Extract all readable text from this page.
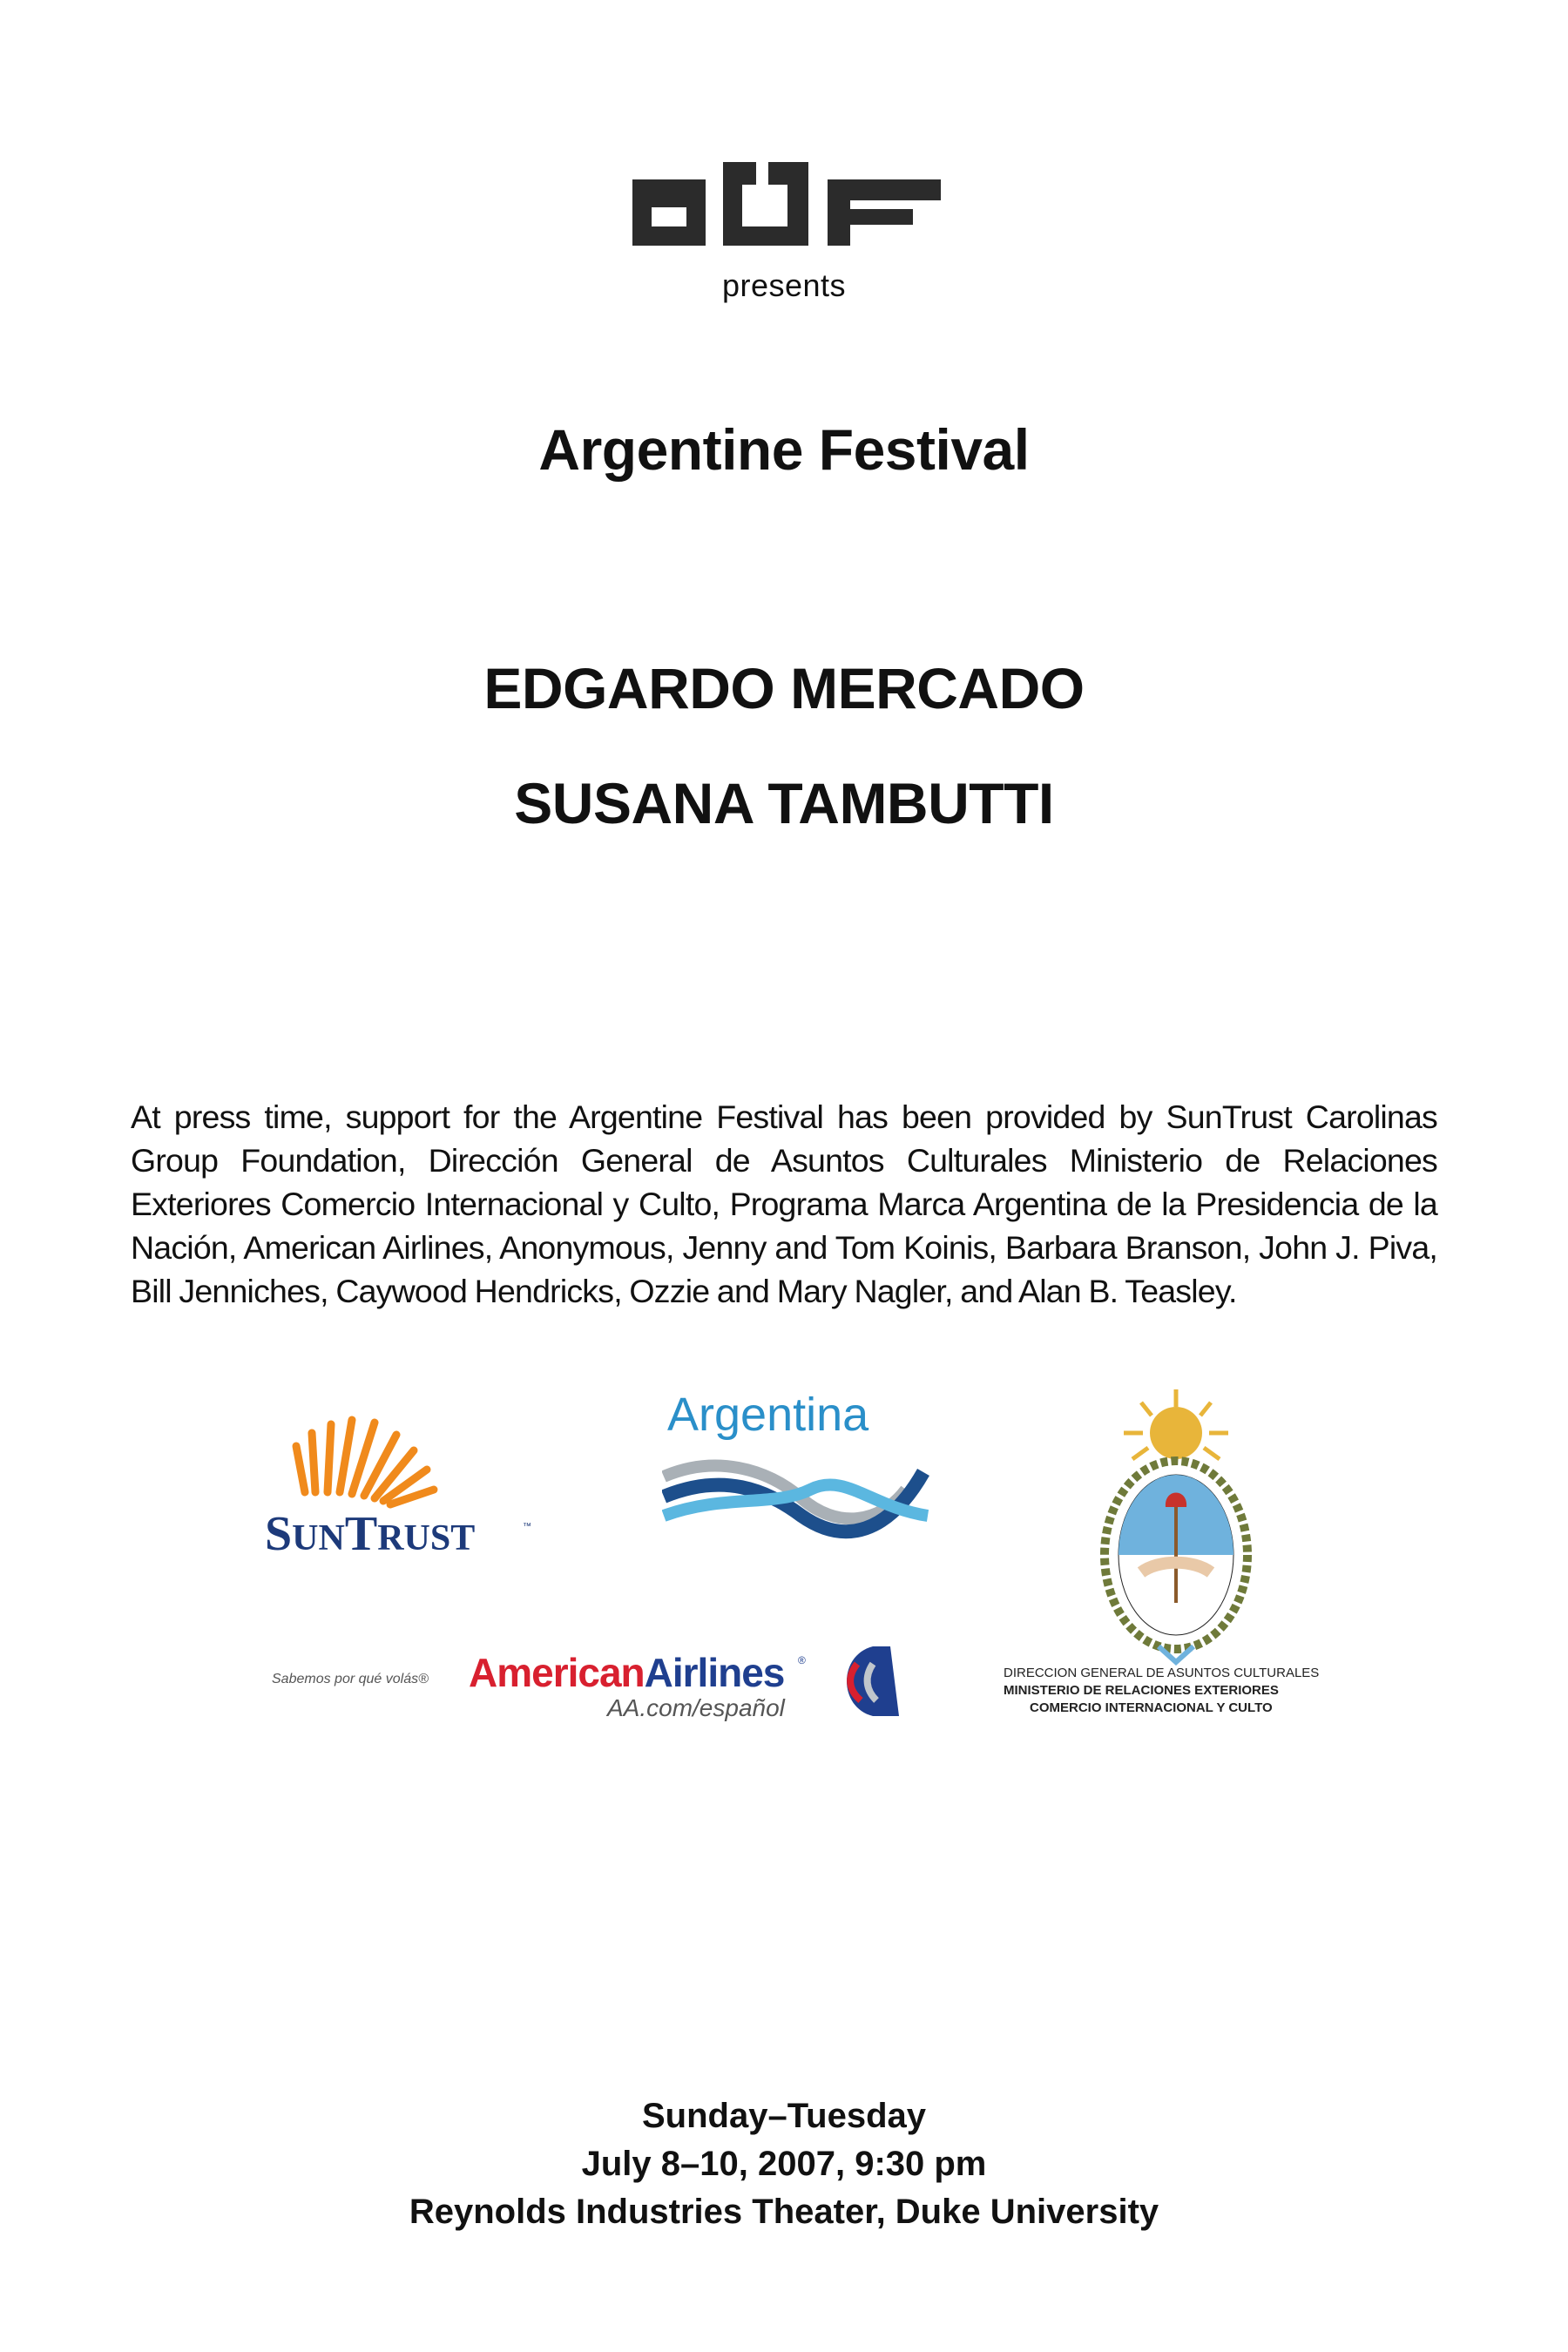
presents
Argentine Festival
EDGARDO MERCADO
SUSANA TAMBUTTI
At press time, support for the Argentine Festival has been provided by SunTrust Carolinas Group Foundation, Dirección General de Asuntos Culturales Ministerio de Relaciones Exteriores Comercio Internacional y Culto, Programa Marca Argentina de la Presidencia de la Nación, American Airlines, Anonymous, Jenny and Tom Koinis, Barbara Branson, John J. Piva, Bill Jenniches, Caywood Hendricks, Ozzie and Mary Nagler, and Alan B. Teasley.
SUNTRUST	™
Argentina
Sabemos por qué volás® AmericanAirlines ®
AA.com/español
DIRECCION GENERAL DE ASUNTOS CULTURALES
MINISTERIO DE RELACIONES EXTERIORES
COMERCIO INTERNACIONAL Y CULTO
Sunday–Tuesday
July 8–10, 2007, 9:30 pm
Reynolds Industries Theater, Duke University
